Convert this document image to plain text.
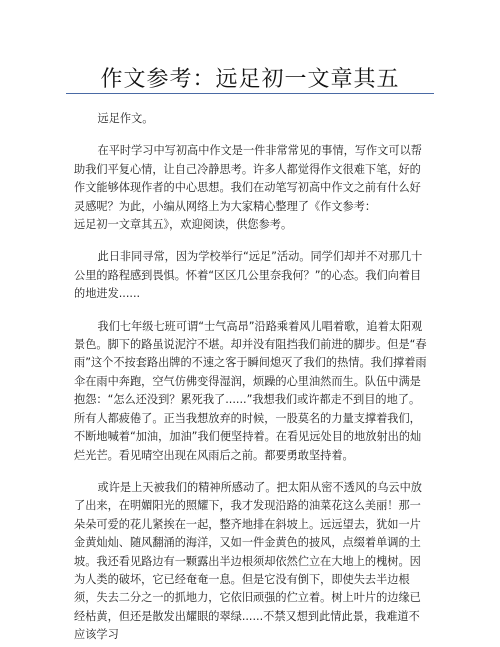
作文参考：远足初一文章其五

远足作文。

在平时学习中写初高中作文是一件非常常见的事情，写作文可以帮助我们平复心情，让自己冷静思考。许多人都觉得作文很难下笔，好的作文能够体现作者的中心思想。我们在动笔写初高中作文之前有什么好灵感呢？为此，小编从网络上为大家精心整理了《作文参考：

远足初一文章其五》，欢迎阅读，供您参考。

此日非同寻常，因为学校举行“远足”活动。同学们却并不对那几十公里的路程感到畏惧。怀着“区区几公里奈我何？”的心态。我们向着目的地进发......

我们七年级七班可谓“士气高昂”沿路乘着风儿唱着歌，追着太阳观景色。脚下的路虽说泥泞不堪。却并没有阻挡我们前进的脚步。但是“春雨”这个不按套路出牌的不速之客于瞬间熄灭了我们的热情。我们撑着雨伞在雨中奔跑，空气仿佛变得湿润，烦躁的心里油然而生。队伍中满是抱怨：“怎么还没到？累死我了......”我想我们或许都走不到目的地了。所有人都疲倦了。正当我想放弃的时候，一股莫名的力量支撑着我们，不断地喊着“加油，加油”我们便坚持着。在看见远处目的地放射出的灿烂光芒。看见晴空出现在风雨后之前。都要勇敢坚持着。

或许是上天被我们的精神所感动了。把太阳从密不透风的乌云中放了出来，在明媚阳光的照耀下，我才发现沿路的油菜花这么美丽！那一朵朵可爱的花儿紧挨在一起，整齐地排在斜坡上。远远望去，犹如一片金黄灿灿、随风翻涌的海洋，又如一件金黄色的披风，点缀着单调的土坡。我还看见路边有一颗露出半边根须却依然伫立在大地上的槐树。因为人类的破坏，它已经奄奄一息。但是它没有倒下，即使失去半边根须，失去二分之一的抓地力，它依旧顽强的伫立着。树上叶片的边缘已经枯黄，但还是散发出耀眼的翠绿......不禁又想到此情此景，我难道不应该学习
